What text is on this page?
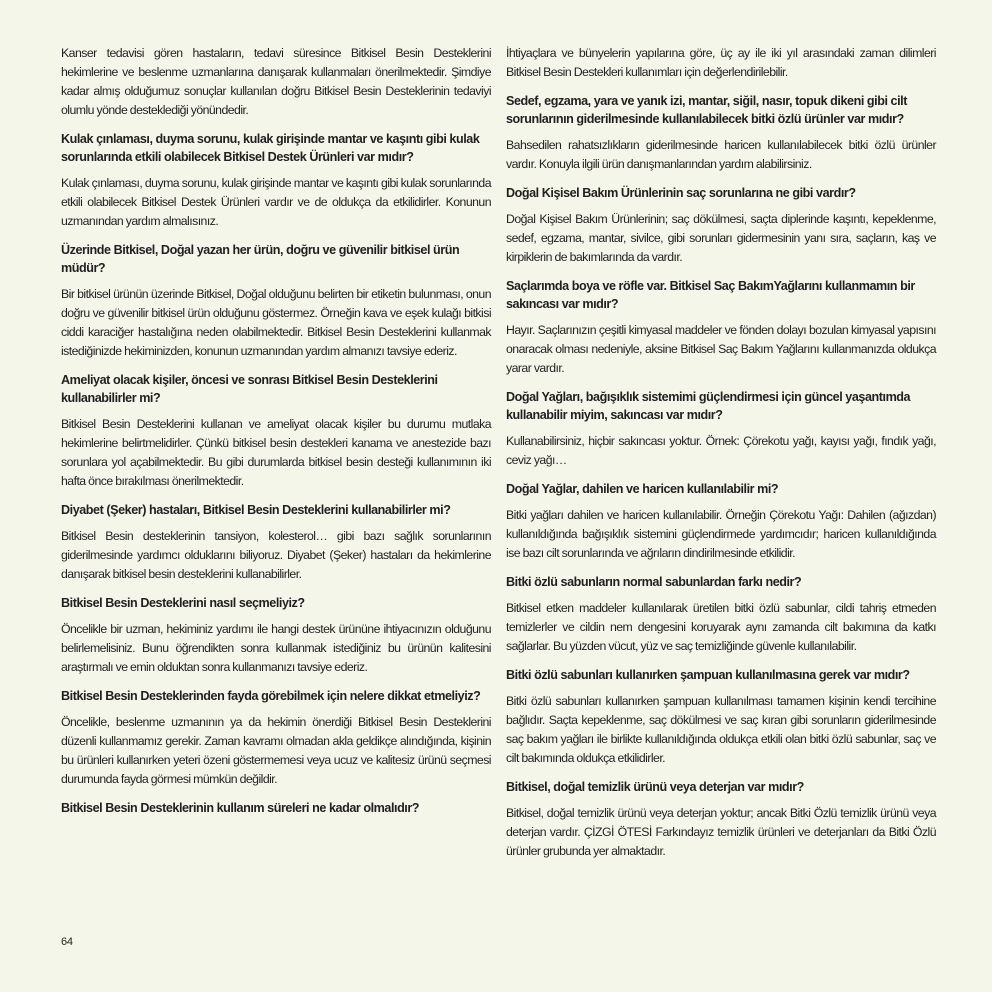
Kanser tedavisi gören hastaların, tedavi süresince Bitkisel Besin Desteklerini hekimlerine ve beslenme uzmanlarına danışarak kullanmaları önerilmektedir. Şimdiye kadar almış olduğumuz sonuçlar kullanılan doğru Bitkisel Besin Desteklerinin tedaviyi olumlu yönde desteklediği yönündedir.

Kulak çınlaması, duyma sorunu, kulak girişinde mantar ve kaşıntı gibi kulak sorunlarında etkili olabilecek Bitkisel Destek Ürünleri var mıdır?

Kulak çınlaması, duyma sorunu, kulak girişinde mantar ve kaşıntı gibi kulak sorunlarında etkili olabilecek Bitkisel Destek Ürünleri vardır ve de oldukça da etkilidirler. Konunun uzmanından yardım almalısınız.

Üzerinde Bitkisel, Doğal yazan her ürün, doğru ve güvenilir bitkisel ürün müdür?

Bir bitkisel ürünün üzerinde Bitkisel, Doğal olduğunu belirten bir etiketin bulunması, onun doğru ve güvenilir bitkisel ürün olduğunu göstermez. Örneğin kava ve eşek kulağı bitkisi ciddi karaciğer hastalığına neden olabilmektedir. Bitkisel Besin Desteklerini kullanmak istediğinizde hekiminizden, konunun uzmanından yardım almanızı tavsiye ederiz.

Ameliyat olacak kişiler, öncesi ve sonrası Bitkisel Besin Desteklerini kullanabilirler mi?

Bitkisel Besin Desteklerini kullanan ve ameliyat olacak kişiler bu durumu mutlaka hekimlerine belirtmelidirler. Çünkü bitkisel besin destekleri kanama ve anestezide bazı sorunlara yol açabilmektedir. Bu gibi durumlarda bitkisel besin desteği kullanımının iki hafta önce bırakılması önerilmektedir.

Diyabet (Şeker) hastaları, Bitkisel Besin Desteklerini kullanabilirler mi?

Bitkisel Besin desteklerinin tansiyon, kolesterol… gibi bazı sağlık sorunlarının giderilmesinde yardımcı olduklarını biliyoruz. Diyabet (Şeker) hastaları da hekimlerine danışarak bitkisel besin desteklerini kullanabilirler.

Bitkisel Besin Desteklerini nasıl seçmeliyiz?

Öncelikle bir uzman, hekiminiz yardımı ile hangi destek ürününe ihtiyacınızın olduğunu belirlemelisiniz. Bunu öğrendikten sonra kullanmak istediğiniz bu ürünün kalitesini araştırmalı ve emin olduktan sonra kullanmanızı tavsiye ederiz.

Bitkisel Besin Desteklerinden fayda görebilmek için nelere dikkat etmeliyiz?

Öncelikle, beslenme uzmanının ya da hekimin önerdiği Bitkisel Besin Desteklerini düzenli kullanmamız gerekir. Zaman kavramı olmadan akla geldikçe alındığında, kişinin bu ürünleri kullanırken yeteri özeni göstermemesi veya ucuz ve kalitesiz ürünü seçmesi durumunda fayda görmesi mümkün değildir.

Bitkisel Besin Desteklerinin kullanım süreleri ne kadar olmalıdır?

İhtiyaçlara ve bünyelerin yapılarına göre, üç ay ile iki yıl arasındaki zaman dilimleri Bitkisel Besin Destekleri kullanımları için değerlendirilebilir.

Sedef, egzama, yara ve yanık izi, mantar, siğil, nasır, topuk dikeni gibi cilt sorunlarının giderilmesinde kullanılabilecek bitki özlü ürünler var mıdır?

Bahsedilen rahatsızlıkların giderilmesinde haricen kullanılabilecek bitki özlü ürünler vardır. Konuyla ilgili ürün danışmanlarından yardım alabilirsiniz.

Doğal Kişisel Bakım Ürünlerinin saç sorunlarına ne gibi vardır?

Doğal Kişisel Bakım Ürünlerinin; saç dökülmesi, saçta diplerinde kaşıntı, kepeklenme, sedef, egzama, mantar, sivilce, gibi sorunları gidermesinin yanı sıra, saçların, kaş ve kirpiklerin de bakımlarında da vardır.

Saçlarımda boya ve röfle var. Bitkisel Saç BakımYağlarını kullanmamın bir sakıncası var mıdır?

Hayır. Saçlarınızın çeşitli kimyasal maddeler ve fönden dolayı bozulan kimyasal yapısını onaracak olması nedeniyle, aksine Bitkisel Saç Bakım Yağlarını kullanmanızda oldukça yarar vardır.

Doğal Yağları, bağışıklık sistemimi güçlendirmesi için güncel yaşantımda kullanabilir miyim, sakıncası var mıdır?

Kullanabilirsiniz, hiçbir sakıncası yoktur. Örnek: Çörekotu yağı, kayısı yağı, fındık yağı, ceviz yağı…

Doğal Yağlar, dahilen ve haricen kullanılabilir mi?

Bitki yağları dahilen ve haricen kullanılabilir. Örneğin Çörekotu Yağı: Dahilen (ağızdan) kullanıldığında bağışıklık sistemini güçlendirmede yardımcıdır; haricen kullanıldığında ise bazı cilt sorunlarında ve ağrıların dindirilmesinde etkilidir.

Bitki özlü sabunların normal sabunlardan farkı nedir?

Bitkisel etken maddeler kullanılarak üretilen bitki özlü sabunlar, cildi tahriş etmeden temizlerler ve cildin nem dengesini koruyarak aynı zamanda cilt bakımına da katkı sağlarlar. Bu yüzden vücut, yüz ve saç temizliğinde güvenle kullanılabilir.

Bitki özlü sabunları kullanırken şampuan kullanılmasına gerek var mıdır?

Bitki özlü sabunları kullanırken şampuan kullanılması tamamen kişinin kendi tercihine bağlıdır. Saçta kepeklenme, saç dökülmesi ve saç kıran gibi sorunların giderilmesinde saç bakım yağları ile birlikte kullanıldığında oldukça etkili olan bitki özlü sabunlar, saç ve cilt bakımında oldukça etkilidirler.

Bitkisel, doğal temizlik ürünü veya deterjan var mıdır?

Bitkisel, doğal temizlik ürünü veya deterjan yoktur; ancak Bitki Özlü temizlik ürünü veya deterjan vardır. ÇİZGİ ÖTESİ Farkındayız temizlik ürünleri ve deterjanları da Bitki Özlü ürünler grubunda yer almaktadır.

64
